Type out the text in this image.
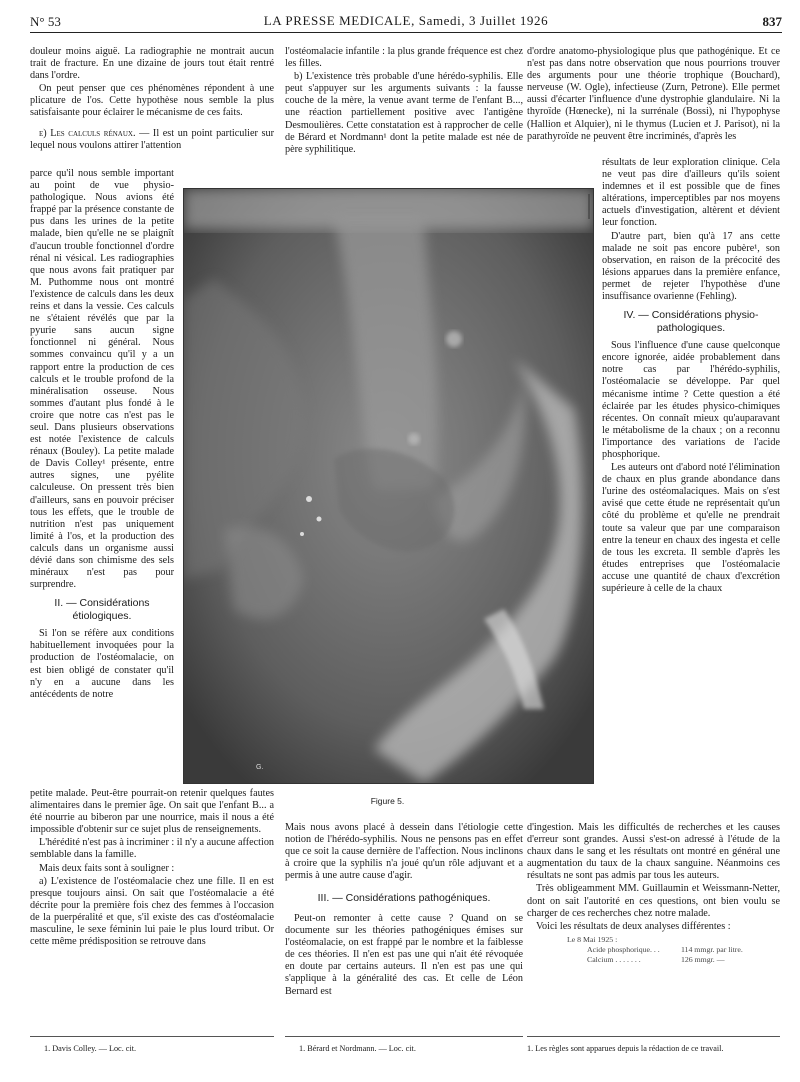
N° 53	LA PRESSE MEDICALE, Samedi, 3 Juillet 1926	837

douleur moins aiguë. La radiographie ne montrait aucun trait de fracture. En une dizaine de jours tout était rentré dans l'ordre.

On peut penser que ces phénomènes répondent à une plicature de l'os. Cette hypothèse nous semble la plus satisfaisante pour éclairer le mécanisme de ces faits.

e) Les calculs rénaux. — Il est un point particulier sur lequel nous voulons attirer l'attention

parce qu'il nous semble important au point de vue physio-pathologique. Nous avions été frappé par la présence constante de pus dans les urines de la petite malade, bien qu'elle ne se plaignît d'aucun trouble fonctionnel d'ordre rénal ni vésical. Les radiographies que nous avons fait pratiquer par M. Puthomme nous ont montré l'existence de calculs dans les deux reins et dans la vessie. Ces calculs ne s'étaient révélés que par la pyurie sans aucun signe fonctionnel ni général. Nous sommes convaincu qu'il y a un rapport entre la production de ces calculs et le trouble profond de la minéralisation osseuse. Nous sommes d'autant plus fondé à le croire que notre cas n'est pas le seul. Dans plusieurs observations est notée l'existence de calculs rénaux (Bouley). La petite malade de Davis Colley¹ présente, entre autres signes, une pyélite calculeuse. On pressent très bien d'ailleurs, sans en pouvoir préciser tous les effets, que le trouble de nutrition n'est pas uniquement limité à l'os, et la production des calculs dans un organisme aussi dévié dans son chimisme des sels minéraux n'est pas pour surprendre.

II. — Considérations étiologiques.

Si l'on se réfère aux conditions habituellement invoquées pour la production de l'ostéomalacie, on est bien obligé de constater qu'il n'y en a aucune dans les antécédents de notre

l'ostéomalacie infantile : la plus grande fréquence est chez les filles.

b) L'existence très probable d'une hérédo-syphilis. Elle peut s'appuyer sur les arguments suivants : la fausse couche de la mère, la venue avant terme de l'enfant B..., une réaction partiellement positive avec l'antigène Desmoulières. Cette constatation est à rapprocher de celle de Bérard et Nordmann¹ dont la petite malade est née de père syphilitique.

d'ordre anatomo-physiologique plus que pathogénique. Et ce n'est pas dans notre observation que nous pourrions trouver des arguments pour une théorie trophique (Bouchard), nerveuse (W. Ogle), infectieuse (Zurn, Petrone). Elle permet aussi d'écarter l'influence d'une dystrophie glandulaire. Ni la thyroïde (Hœnecke), ni la surrénale (Bossi), ni l'hypophyse (Hallion et Alquier), ni le thymus (Lucien et J. Parisot), ni la parathyroïde ne peuvent être incriminés, d'après les

résultats de leur exploration clinique. Cela ne veut pas dire d'ailleurs qu'ils soient indemnes et il est possible que de fines altérations, imperceptibles par nos moyens actuels d'investigation, altèrent et dévient leur fonction.

D'autre part, bien qu'à 17 ans cette malade ne soit pas encore pubère¹, son observation, en raison de la précocité des lésions apparues dans la première enfance, permet de rejeter l'hypothèse d'une insuffisance ovarienne (Fehling).

IV. — Considérations physio-pathologiques.

Sous l'influence d'une cause quelconque encore ignorée, aidée probablement dans notre cas par l'hérédo-syphilis, l'ostéomalacie se développe. Par quel mécanisme intime ? Cette question a été éclairée par les études physico-chimiques récentes. On connaît mieux qu'auparavant le métabolisme de la chaux ; on a reconnu l'importance des variations de l'acide phosphorique.

Les auteurs ont d'abord noté l'élimination de chaux en plus grande abondance dans l'urine des ostéomalaciques. Mais on s'est avisé que cette étude ne représentait qu'un côté du problème et qu'elle ne prendrait toute sa valeur que par une comparaison entre la teneur en chaux des ingesta et celle de tous les excreta. Il semble d'après les études entreprises que l'ostéomalacie accuse une quantité de chaux d'excrétion supérieure à celle de la chaux

G.
Figure 5.

petite malade. Peut-être pourrait-on retenir quelques fautes alimentaires dans le premier âge. On sait que l'enfant B... a été nourrie au biberon par une nourrice, mais il nous a été impossible d'obtenir sur ce sujet plus de renseignements.

L'hérédité n'est pas à incriminer : il n'y a aucune affection semblable dans la famille.

Mais deux faits sont à souligner :

a) L'existence de l'ostéomalacie chez une fille. Il en est presque toujours ainsi. On sait que l'ostéomalacie a été décrite pour la première fois chez des femmes à l'occasion de la puerpéralité et que, s'il existe des cas d'ostéomalacie masculine, le sexe féminin lui paie le plus lourd tribut. Or cette même prédisposition se retrouve dans

Mais nous avons placé à dessein dans l'étiologie cette notion de l'hérédo-syphilis. Nous ne pensons pas en effet que ce soit la cause dernière de l'affection. Nous inclinons à croire que la syphilis n'a joué qu'un rôle adjuvant et a permis à une autre cause d'agir.

III. — Considérations pathogéniques.

Peut-on remonter à cette cause ? Quand on se documente sur les théories pathogéniques émises sur l'ostéomalacie, on est frappé par le nombre et la faiblesse de ces théories. Il n'en est pas une qui n'ait été révoquée en doute par certains auteurs. Il n'en est pas une qui s'applique à la généralité des cas. Et celle de Léon Bernard est

d'ingestion. Mais les difficultés de recherches et les causes d'erreur sont grandes. Aussi s'est-on adressé à l'étude de la chaux dans le sang et les résultats ont montré en général une augmentation du taux de la chaux sanguine. Néanmoins ces résultats ne sont pas admis par tous les auteurs.

Très obligeamment MM. Guillaumin et Weissmann-Netter, dont on sait l'autorité en ces questions, ont bien voulu se charger de ces recherches chez notre malade.

Voici les résultats de deux analyses différentes :

Le 8 Mai 1925 :
Acide phosphorique. . .	114 mmgr. par litre.
Calcium . . . . . . .	126 mmgr. —
1. Davis Colley. — Loc. cit.	1. Bérard et Nordmann. — Loc. cit.	1. Les règles sont apparues depuis la rédaction de ce travail.
